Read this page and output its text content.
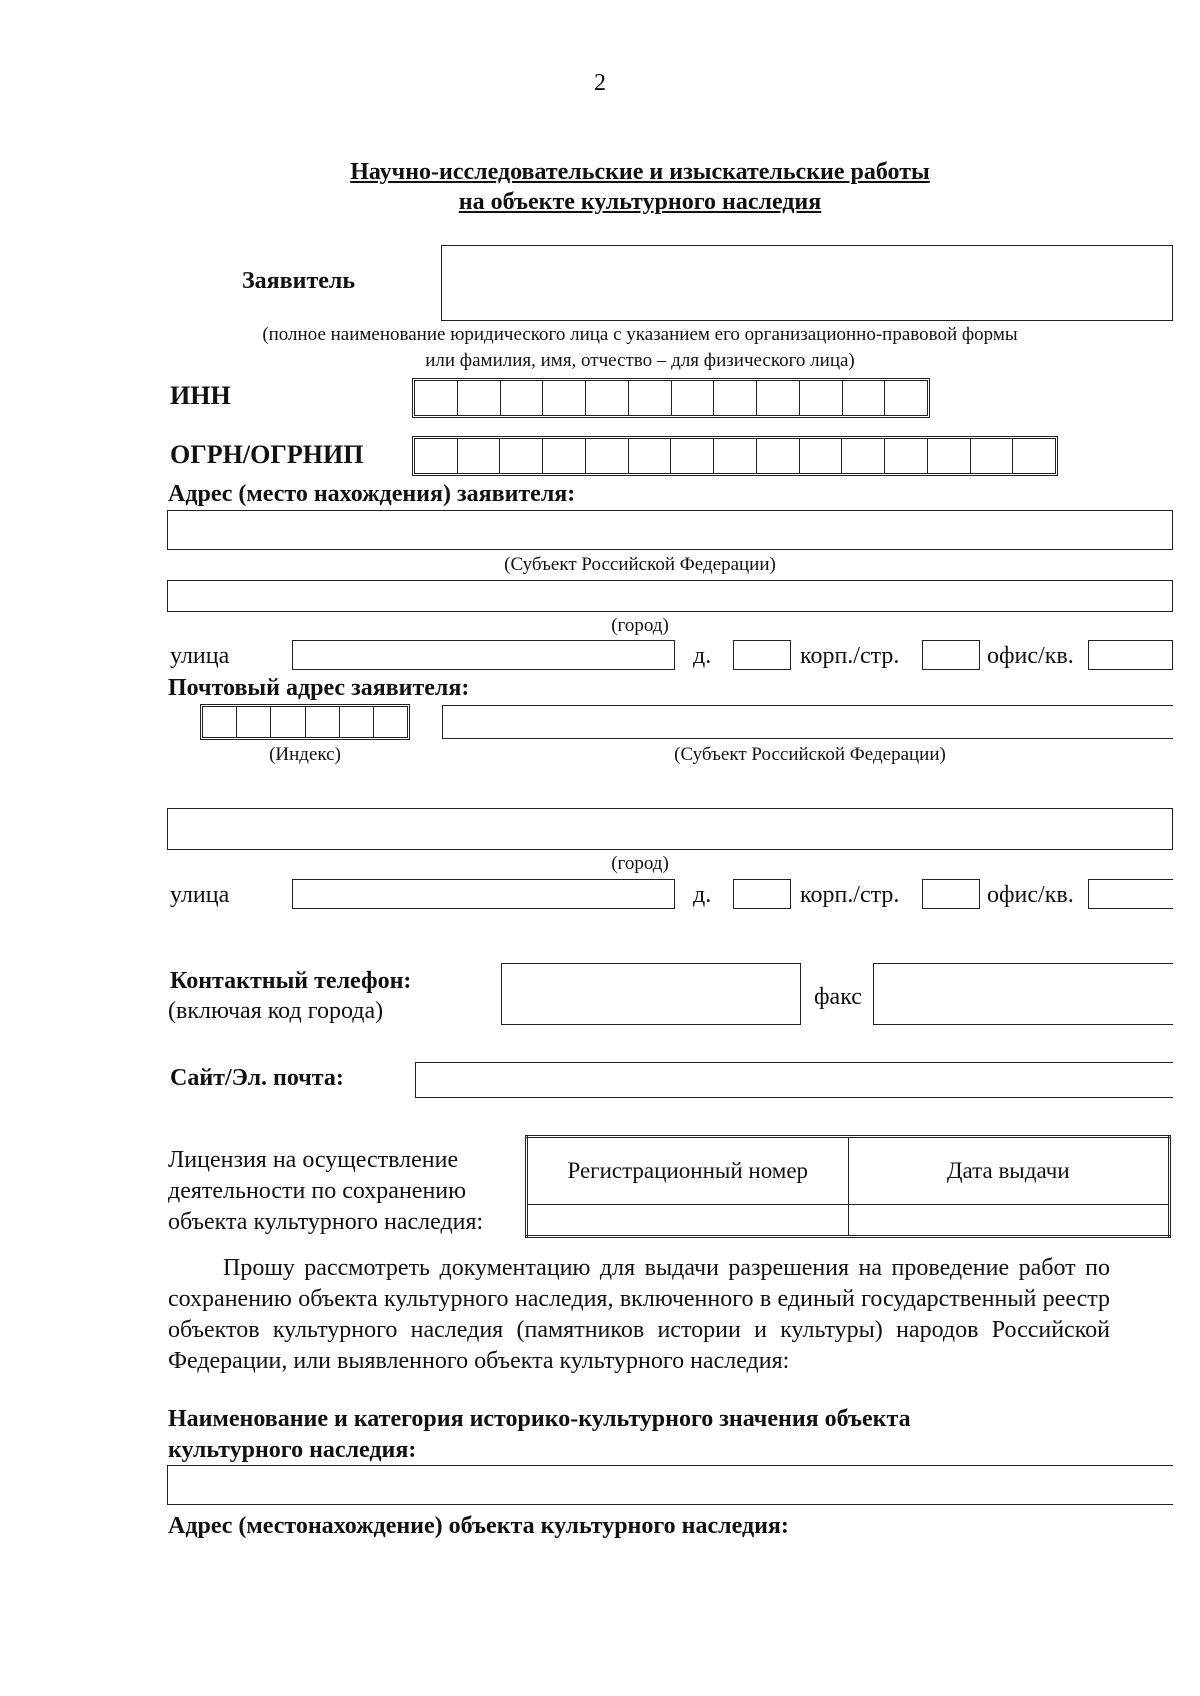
2
Научно-исследовательские и изыскательские работы
на объекте культурного наследия
Заявитель
(полное наименование юридического лица с указанием его организационно-правовой формы
или фамилия, имя, отчество – для физического лица)
ИНН
ОГРН/ОГРНИП
Адрес (место нахождения) заявителя:
(Субъект Российской Федерации)
(город)
улица	д.	корп./стр.	офис/кв.
Почтовый адрес заявителя:
(Индекс)	(Субъект Российской Федерации)
(город)
улица	д.	корп./стр.	офис/кв.
Контактный телефон:
(включая код города)
факс
Сайт/Эл. почта:
Лицензия на осуществление
деятельности по сохранению
объекта культурного наследия:
Регистрационный номер	Дата выдачи

Прошу рассмотреть документацию для выдачи разрешения на проведение работ по сохранению объекта культурного наследия, включенного в единый государственный реестр объектов культурного наследия (памятников истории и культуры) народов Российской Федерации, или выявленного объекта культурного наследия:
Наименование и категория историко-культурного значения объекта
культурного наследия:
Адрес (местонахождение) объекта культурного наследия:
